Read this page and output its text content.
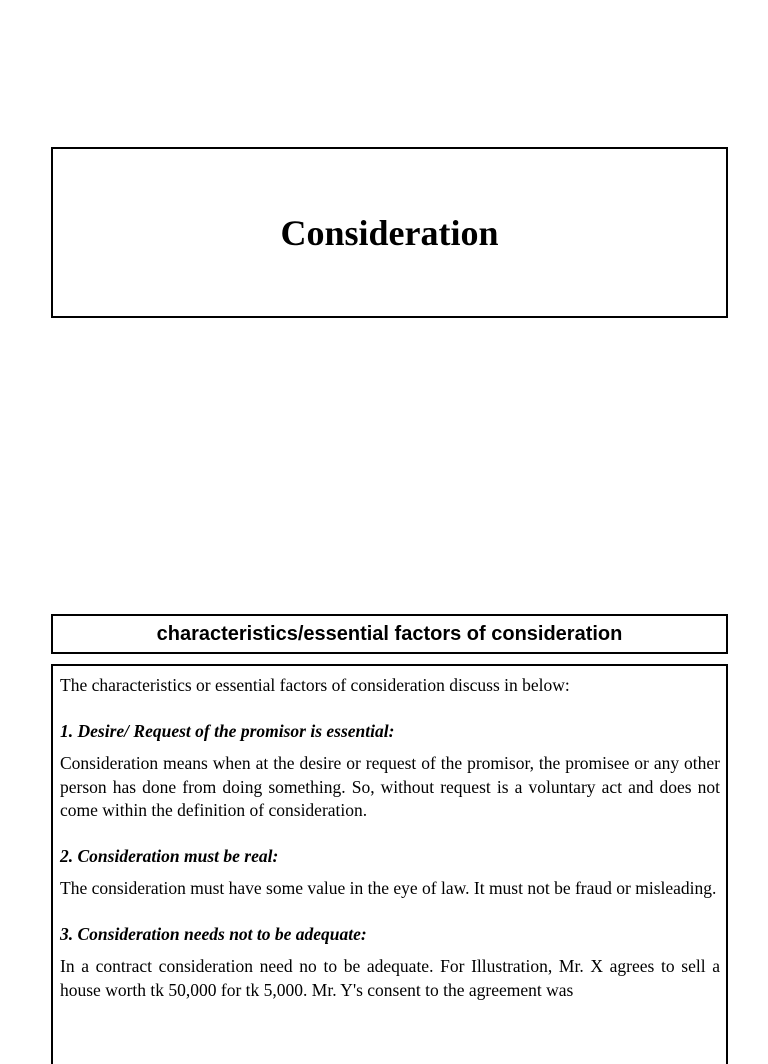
Consideration
characteristics/essential factors of consideration

The characteristics or essential factors of consideration discuss in below:

1. Desire/ Request of the promisor is essential:

Consideration means when at the desire or request of the promisor, the promisee or any other person has done from doing something. So, without request is a voluntary act and does not come within the definition of consideration.

2. Consideration must be real:

The consideration must have some value in the eye of law. It must not be fraud or misleading.

3. Consideration needs not to be adequate:

In a contract consideration need no to be adequate. For Illustration, Mr. X agrees to sell a house worth tk 50,000 for tk 5,000. Mr. Y's consent to the agreement was
